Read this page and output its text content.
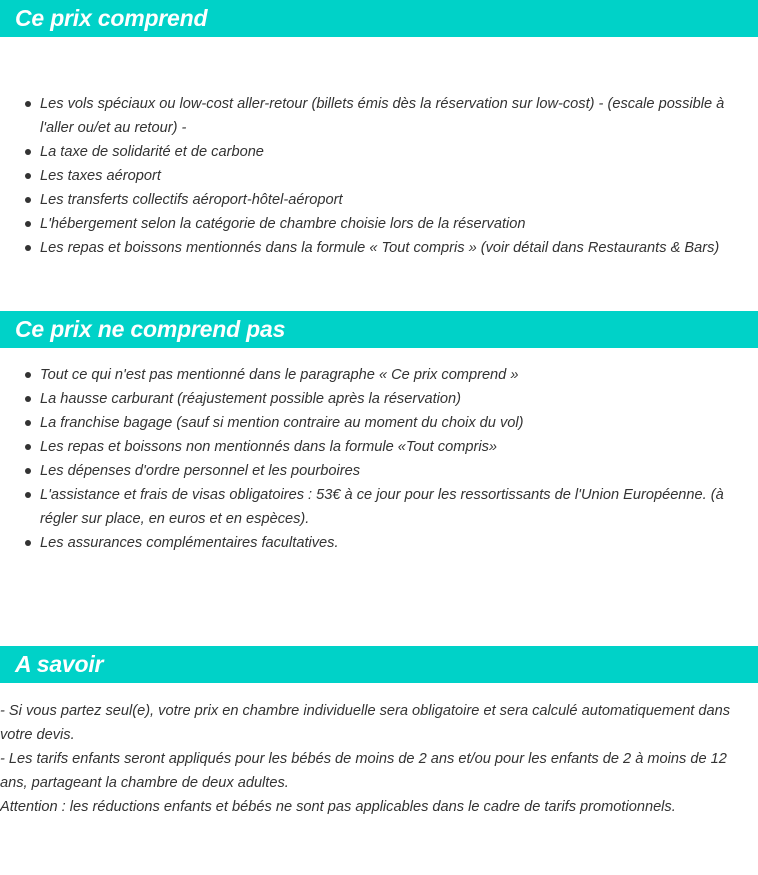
Ce prix comprend
Les vols spéciaux ou low-cost aller-retour (billets émis dès la réservation sur low-cost) - (escale possible à l'aller ou/et au retour) -
La taxe de solidarité et de carbone
Les taxes aéroport
Les transferts collectifs aéroport-hôtel-aéroport
L'hébergement selon la catégorie de chambre choisie lors de la réservation
Les repas et boissons mentionnés dans la formule « Tout compris » (voir détail dans Restaurants & Bars)
Ce prix ne comprend pas
Tout ce qui n'est pas mentionné dans le paragraphe « Ce prix comprend »
La hausse carburant (réajustement possible après la réservation)
La franchise bagage (sauf si mention contraire au moment du choix du vol)
Les repas et boissons non mentionnés dans la formule «Tout compris»
Les dépenses d'ordre personnel et les pourboires
L'assistance et frais de visas obligatoires : 53€ à ce jour pour les ressortissants de l'Union Européenne. (à régler sur place, en euros et en espèces).
Les assurances complémentaires facultatives.
A savoir

- Si vous partez seul(e), votre prix en chambre individuelle sera obligatoire et sera calculé automatiquement dans votre devis.

- Les tarifs enfants seront appliqués pour les bébés de moins de 2 ans et/ou pour les enfants de 2 à moins de 12 ans, partageant la chambre de deux adultes.

Attention : les réductions enfants et bébés ne sont pas applicables dans le cadre de tarifs promotionnels.
